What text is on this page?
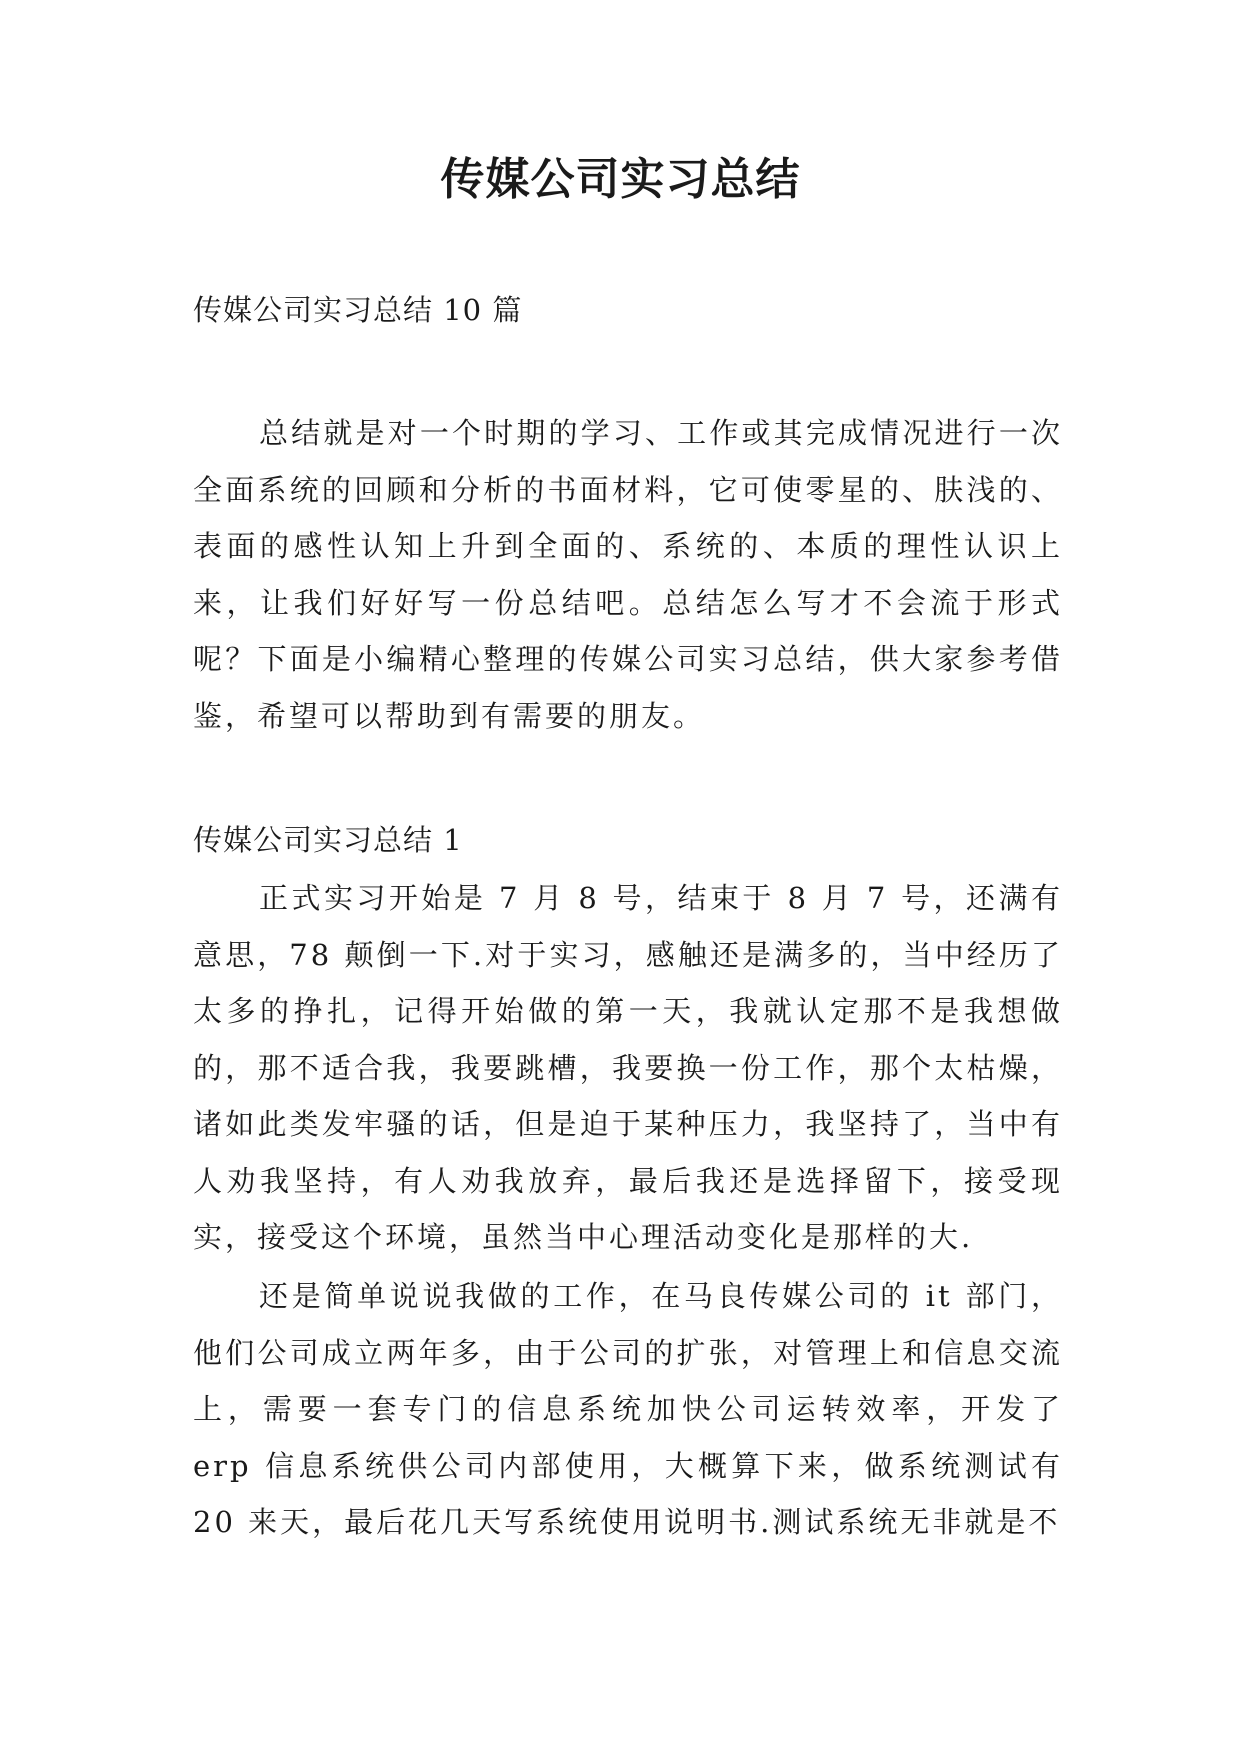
传媒公司实习总结
传媒公司实习总结 10 篇

总结就是对一个时期的学习、工作或其完成情况进行一次全面系统的回顾和分析的书面材料，它可使零星的、肤浅的、表面的感性认知上升到全面的、系统的、本质的理性认识上来，让我们好好写一份总结吧。总结怎么写才不会流于形式呢？下面是小编精心整理的传媒公司实习总结，供大家参考借鉴，希望可以帮助到有需要的朋友。

传媒公司实习总结 1

正式实习开始是 7 月 8 号，结束于 8 月 7 号，还满有意思，78 颠倒一下.对于实习，感触还是满多的，当中经历了太多的挣扎，记得开始做的第一天，我就认定那不是我想做的，那不适合我，我要跳槽，我要换一份工作，那个太枯燥，诸如此类发牢骚的话，但是迫于某种压力，我坚持了，当中有人劝我坚持，有人劝我放弃，最后我还是选择留下，接受现实，接受这个环境，虽然当中心理活动变化是那样的大.

还是简单说说我做的工作，在马良传媒公司的 it 部门，他们公司成立两年多，由于公司的扩张，对管理上和信息交流上，需要一套专门的信息系统加快公司运转效率，开发了 erp 信息系统供公司内部使用，大概算下来，做系统测试有 20 来天，最后花几天写系统使用说明书.测试系统无非就是不
